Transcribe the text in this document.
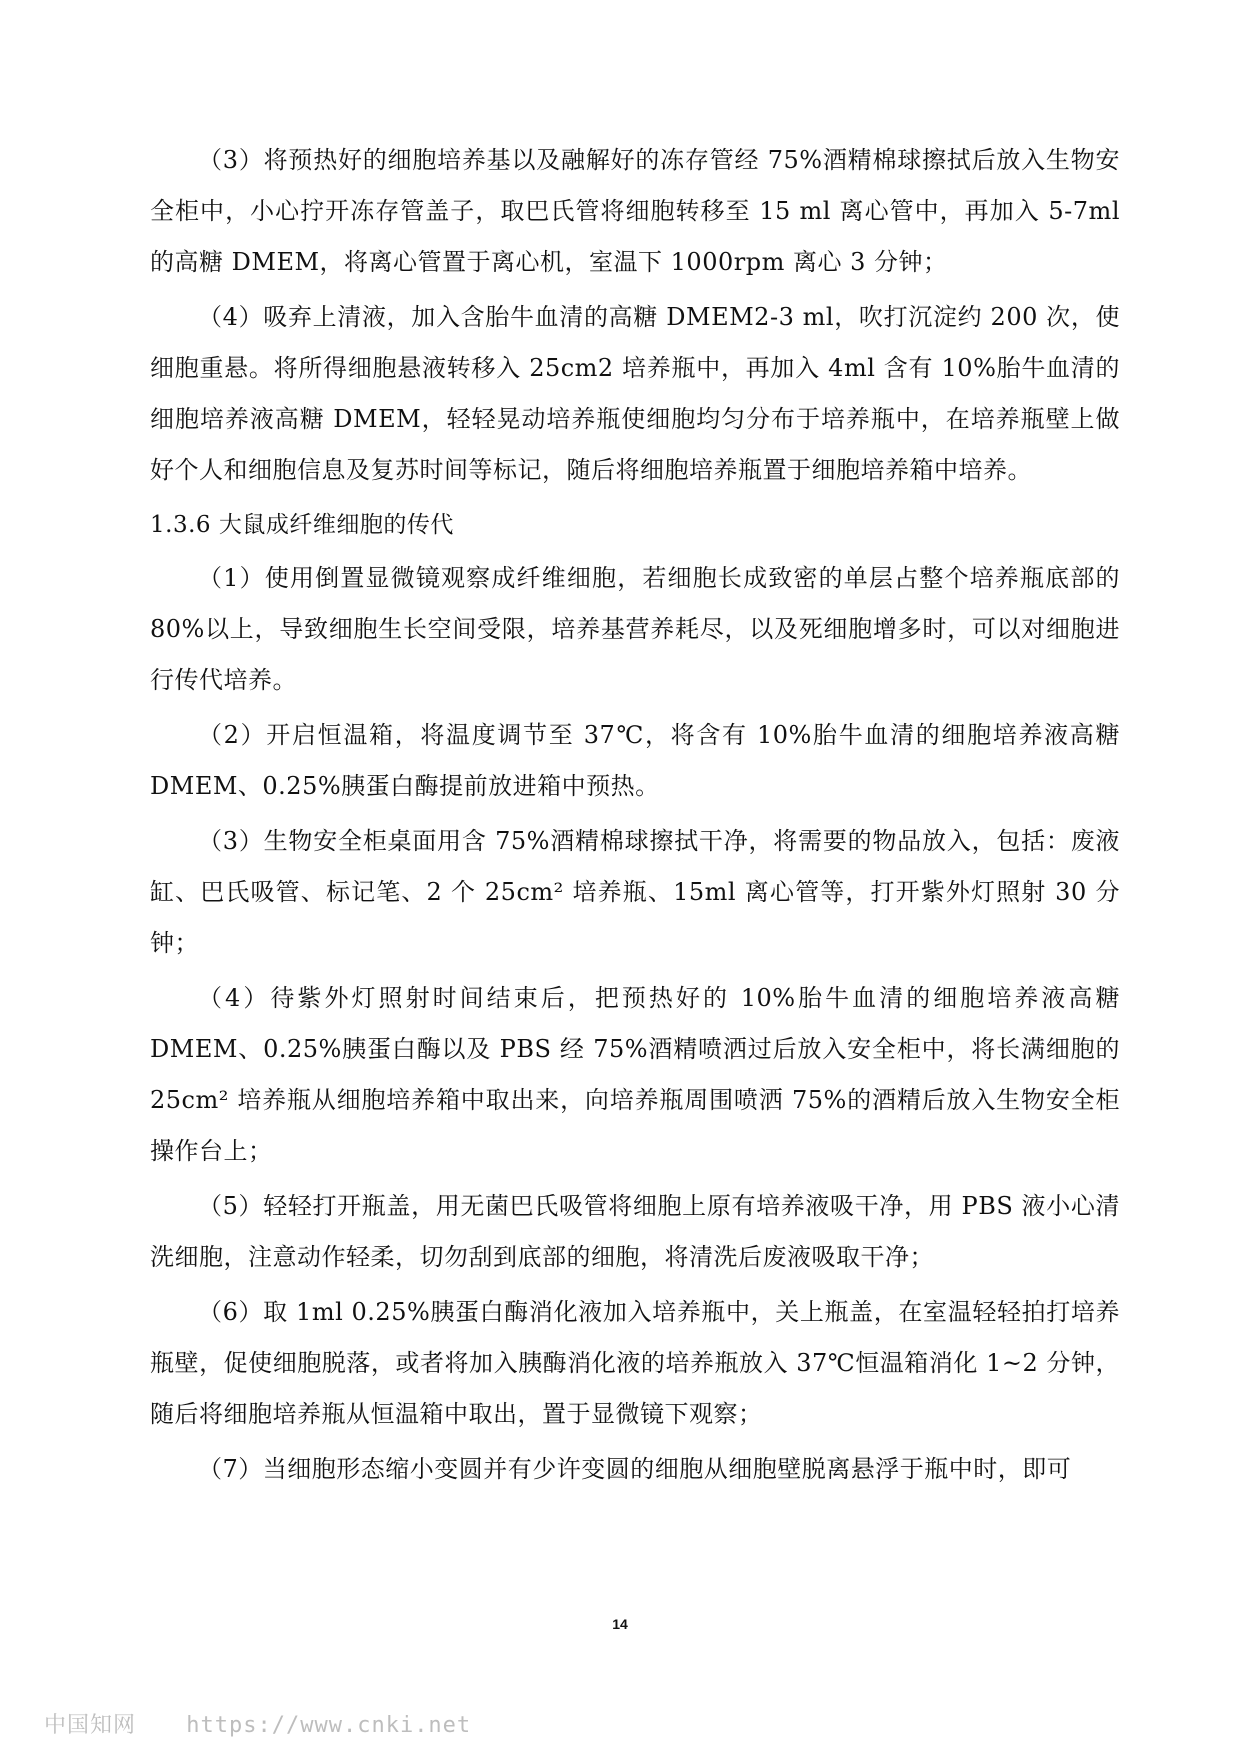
（3）将预热好的细胞培养基以及融解好的冻存管经 75%酒精棉球擦拭后放入生物安全柜中，小心拧开冻存管盖子，取巴氏管将细胞转移至 15 ml 离心管中，再加入 5-7ml 的高糖 DMEM，将离心管置于离心机，室温下 1000rpm 离心 3 分钟；

（4）吸弃上清液，加入含胎牛血清的高糖 DMEM2-3 ml，吹打沉淀约 200 次，使细胞重悬。将所得细胞悬液转移入 25cm2 培养瓶中，再加入 4ml 含有 10%胎牛血清的细胞培养液高糖 DMEM，轻轻晃动培养瓶使细胞均匀分布于培养瓶中，在培养瓶壁上做好个人和细胞信息及复苏时间等标记，随后将细胞培养瓶置于细胞培养箱中培养。

1.3.6 大鼠成纤维细胞的传代

（1）使用倒置显微镜观察成纤维细胞，若细胞长成致密的单层占整个培养瓶底部的 80%以上，导致细胞生长空间受限，培养基营养耗尽，以及死细胞增多时，可以对细胞进行传代培养。

（2）开启恒温箱，将温度调节至 37℃，将含有 10%胎牛血清的细胞培养液高糖 DMEM、0.25%胰蛋白酶提前放进箱中预热。

（3）生物安全柜桌面用含 75%酒精棉球擦拭干净，将需要的物品放入，包括：废液缸、巴氏吸管、标记笔、2 个 25cm² 培养瓶、15ml 离心管等，打开紫外灯照射 30 分钟；

（4）待紫外灯照射时间结束后，把预热好的 10%胎牛血清的细胞培养液高糖 DMEM、0.25%胰蛋白酶以及 PBS 经 75%酒精喷洒过后放入安全柜中，将长满细胞的 25cm² 培养瓶从细胞培养箱中取出来，向培养瓶周围喷洒 75%的酒精后放入生物安全柜操作台上；

（5）轻轻打开瓶盖，用无菌巴氏吸管将细胞上原有培养液吸干净，用 PBS 液小心清洗细胞，注意动作轻柔，切勿刮到底部的细胞，将清洗后废液吸取干净；

（6）取 1ml 0.25%胰蛋白酶消化液加入培养瓶中，关上瓶盖，在室温轻轻拍打培养瓶壁，促使细胞脱落，或者将加入胰酶消化液的培养瓶放入 37℃恒温箱消化 1~2 分钟，随后将细胞培养瓶从恒温箱中取出，置于显微镜下观察；

（7）当细胞形态缩小变圆并有少许变圆的细胞从细胞壁脱离悬浮于瓶中时，即可

14
中国知网 https://www.cnki.net
